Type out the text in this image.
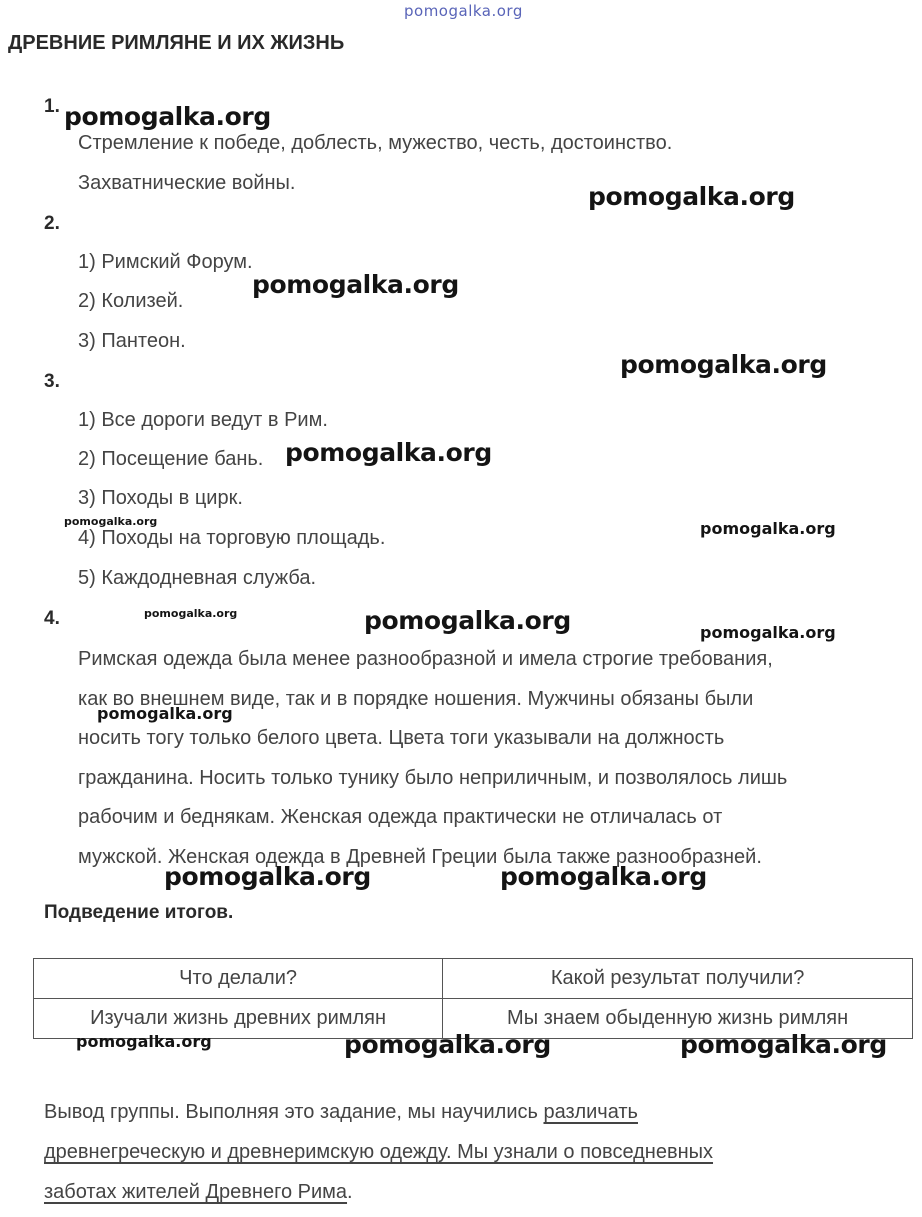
pomogalka.org
ДРЕВНИЕ РИМЛЯНЕ И ИХ ЖИЗНЬ
1.
Стремление к победе, доблесть, мужество, честь, достоинство.
Захватнические войны.
2.
1) Римский Форум.
2) Колизей.
3) Пантеон.
3.
1) Все дороги ведут в Рим.
2) Посещение бань.
3) Походы в цирк.
4) Походы на торговую площадь.
5) Каждодневная служба.
4.
Римская одежда была менее разнообразной и имела строгие требования,
как во внешнем виде, так и в порядке ношения. Мужчины обязаны были
носить тогу только белого цвета. Цвета тоги указывали на должность
гражданина. Носить только тунику было неприличным, и позволялось лишь
рабочим и беднякам. Женская одежда практически не отличалась от
мужской. Женская одежда в Древней Греции была также разнообразней.
Подведение итогов.
Что делали?	Какой результат получили?
Изучали жизнь древних римлян	Мы знаем обыденную жизнь римлян
Вывод группы. Выполняя это задание, мы научились различать
древнегреческую и древнеримскую одежду. Мы узнали о повседневных
заботах жителей Древнего Рима.
pomogalka.org
pomogalka.org
pomogalka.org
pomogalka.org
pomogalka.org
pomogalka.org	pomogalka.org
pomogalka.org	pomogalka.org	pomogalka.org
pomogalka.org
pomogalka.org	pomogalka.org
pomogalka.org	pomogalka.org	pomogalka.org
